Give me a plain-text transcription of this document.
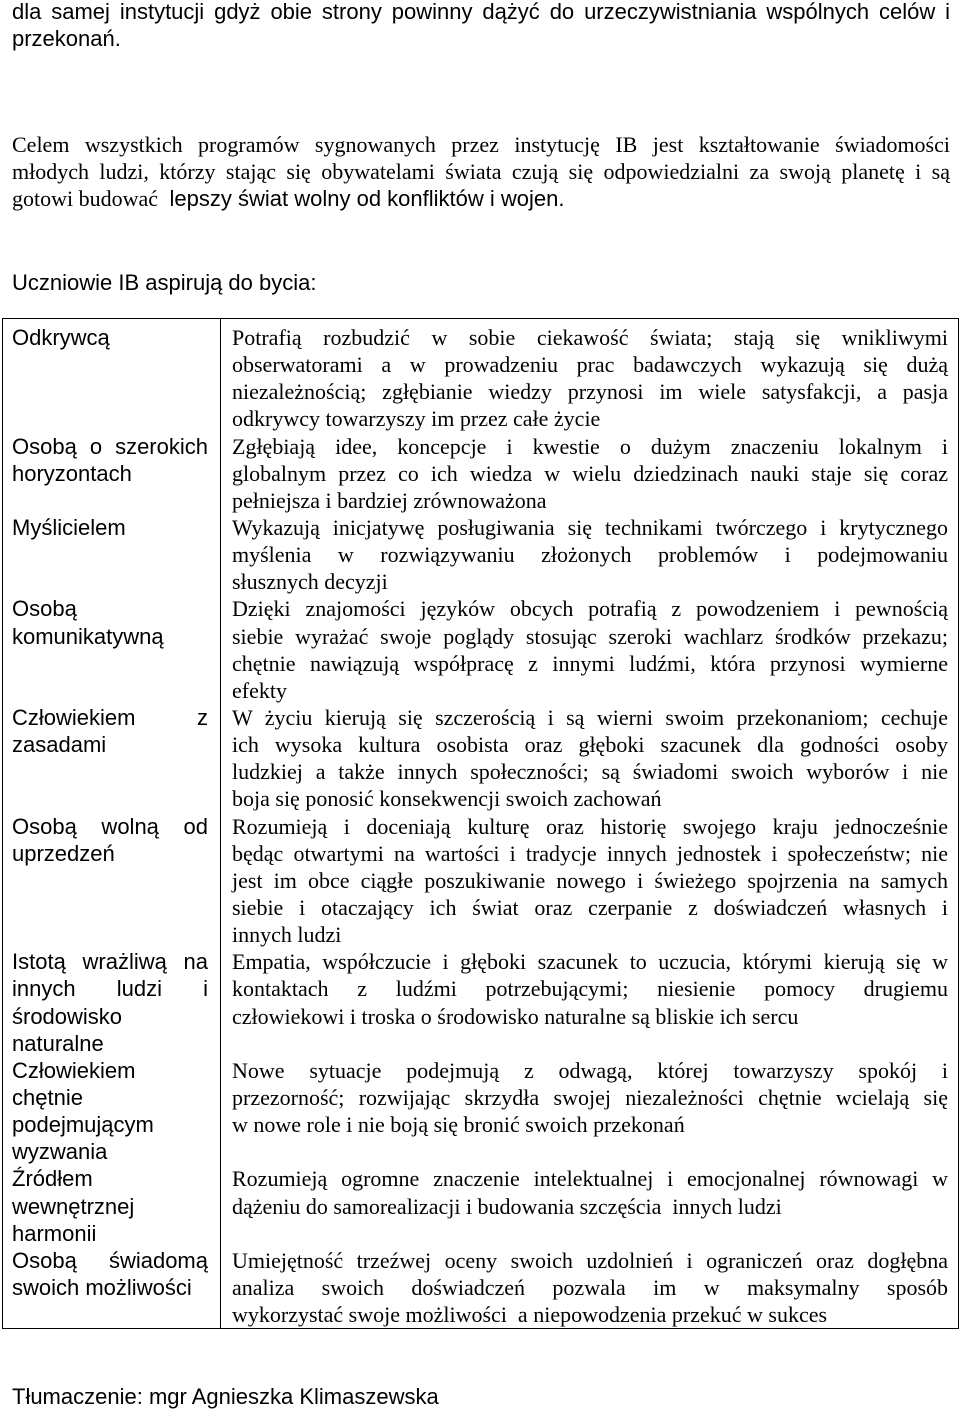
dla samej instytucji gdyż obie strony powinny dążyć do urzeczywistniania wspólnych celów i
przekonań.
Celem wszystkich programów sygnowanych przez instytucję IB jest kształtowanie świadomości
młodych ludzi, którzy stając się obywatelami świata czują się odpowiedzialni za swoją planetę i są
gotowi budować lepszy świat wolny od konfliktów i wojen.
Uczniowie IB aspirują do bycia:
Odkrywcą	Potrafią rozbudzić w sobie ciekawość świata; stają się wnikliwymi
obserwatorami a w prowadzeniu prac badawczych wykazują się dużą
niezależnością; zgłębianie wiedzy przynosi im wiele satysfakcji, a pasja
odkrywcy towarzyszy im przez całe życie
Osobą o szerokich
horyzontach
Zgłębiają idee, koncepcje i kwestie o dużym znaczeniu lokalnym i
globalnym przez co ich wiedza w wielu dziedzinach nauki staje się coraz
pełniejsza i bardziej zrównoważona
Myślicielem	Wykazują inicjatywę posługiwania się technikami twórczego i krytycznego
myślenia w rozwiązywaniu złożonych problemów i podejmowaniu
słusznych decyzji
Osobą
komunikatywną
Dzięki znajomości języków obcych potrafią z powodzeniem i pewnością
siebie wyrażać swoje poglądy stosując szeroki wachlarz środków przekazu;
chętnie nawiązują współpracę z innymi ludźmi, która przynosi wymierne
efekty
Człowiekiem z
zasadami
W życiu kierują się szczerością i są wierni swoim przekonaniom; cechuje
ich wysoka kultura osobista oraz głęboki szacunek dla godności osoby
ludzkiej a także innych społeczności; są świadomi swoich wyborów i nie
boja się ponosić konsekwencji swoich zachowań
Osobą wolną od
uprzedzeń
Rozumieją i doceniają kulturę oraz historię swojego kraju jednocześnie
będąc otwartymi na wartości i tradycje innych jednostek i społeczeństw; nie
jest im obce ciągłe poszukiwanie nowego i świeżego spojrzenia na samych
siebie i otaczający ich świat oraz czerpanie z doświadczeń własnych i
innych ludzi
Istotą wrażliwą na
innych ludzi i
środowisko
naturalne
Empatia, współczucie i głęboki szacunek to uczucia, którymi kierują się w
kontaktach z ludźmi potrzebującymi; niesienie pomocy drugiemu
człowiekowi i troska o środowisko naturalne są bliskie ich sercu
Człowiekiem
chętnie
podejmującym
wyzwania
Nowe sytuacje podejmują z odwagą, której towarzyszy spokój i
przezorność; rozwijając skrzydła swojej niezależności chętnie wcielają się
w nowe role i nie boją się bronić swoich przekonań
Źródłem
wewnętrznej
harmonii
Rozumieją ogromne znaczenie intelektualnej i emocjonalnej równowagi w
dążeniu do samorealizacji i budowania szczęścia  innych ludzi
Osobą świadomą
swoich możliwości
Umiejętność trzeźwej oceny swoich uzdolnień i ograniczeń oraz dogłębna
analiza swoich doświadczeń pozwala im w maksymalny sposób
wykorzystać swoje możliwości  a niepowodzenia przekuć w sukces
Tłumaczenie: mgr Agnieszka Klimaszewska
